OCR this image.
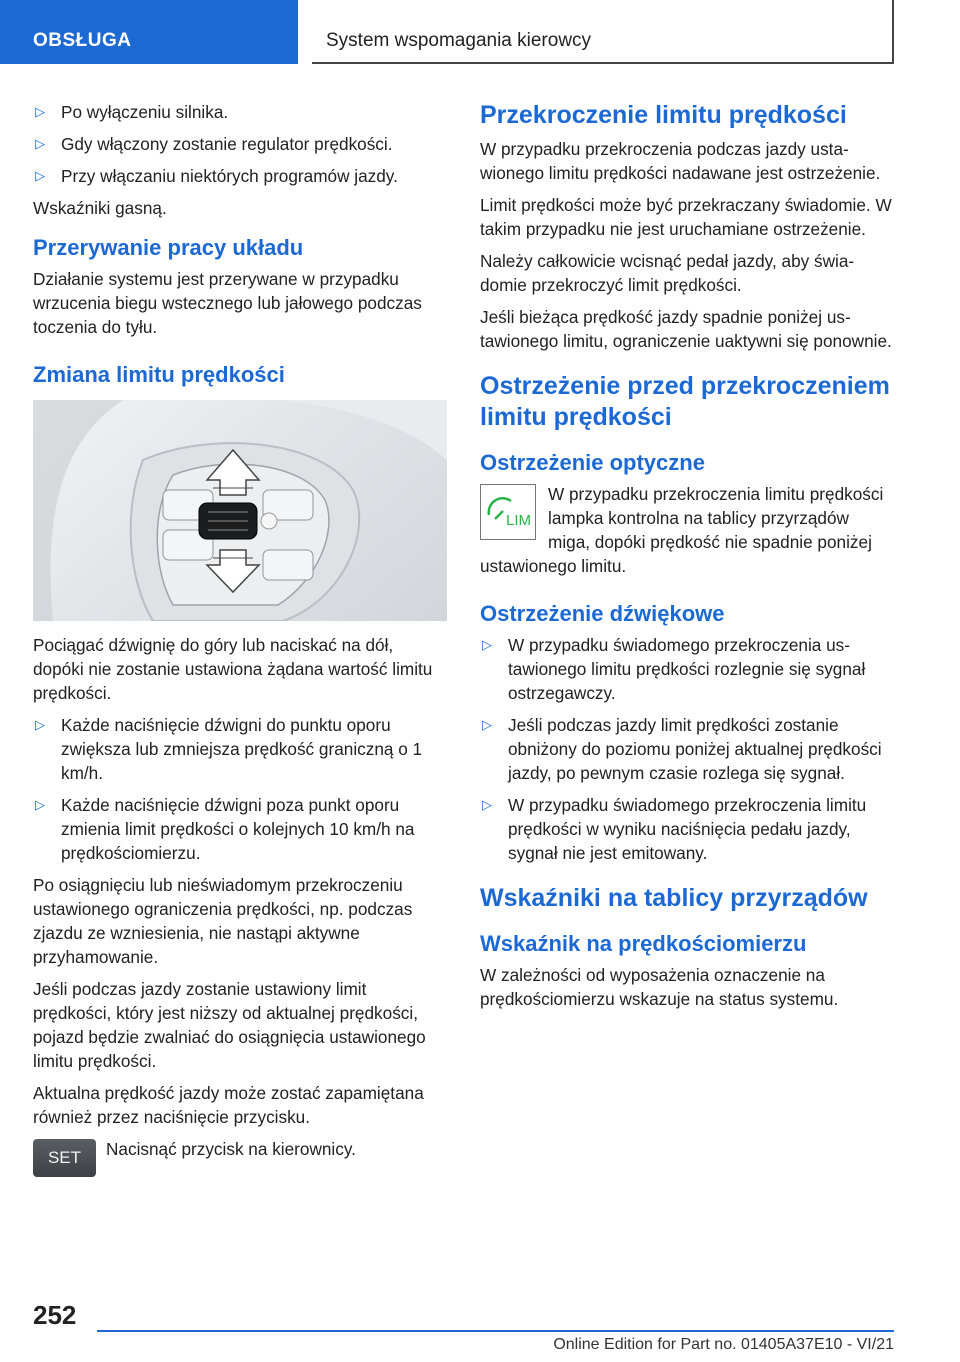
OBSŁUGA	System wspomagania kierowcy
▷ Po wyłączeniu silnika.
▷ Gdy włączony zostanie regulator prędkości.
▷ Przy włączaniu niektórych programów jazdy.

Wskaźniki gasną.

Przerywanie pracy układu

Działanie systemu jest przerywane w przypadku wrzucenia biegu wstecznego lub jałowego podczas toczenia do tyłu.

Zmiana limitu prędkości

Pociągać dźwignię do góry lub naciskać na dół, dopóki nie zostanie ustawiona żądana wartość limitu prędkości.

▷ Każde naciśnięcie dźwigni do punktu oporu zwiększa lub zmniejsza prędkość graniczną o 1 km/h.
▷ Każde naciśnięcie dźwigni poza punkt oporu zmienia limit prędkości o kolejnych 10 km/h na prędkościomierzu.

Po osiągnięciu lub nieświadomym przekroczeniu ustawionego ograniczenia prędkości, np. podczas zjazdu ze wzniesienia, nie nastąpi aktywne przyhamowanie.

Jeśli podczas jazdy zostanie ustawiony limit prędkości, który jest niższy od aktualnej prędkości, pojazd będzie zwalniać do osiągnięcia ustawionego limitu prędkości.

Aktualna prędkość jazdy może zostać zapamiętana również przez naciśnięcie przycisku.

SET	Nacisnąć przycisk na kierownicy.

Przekroczenie limitu prędkości

W przypadku przekroczenia podczas jazdy ustawionego limitu prędkości nadawane jest ostrzeżenie.

Limit prędkości może być przekraczany świadomie. W takim przypadku nie jest uruchamiane ostrzeżenie.

Należy całkowicie wcisnąć pedał jazdy, aby świadomie przekroczyć limit prędkości.

Jeśli bieżąca prędkość jazdy spadnie poniżej ustawionego limitu, ograniczenie uaktywni się ponownie.

Ostrzeżenie przed przekroczeniem limitu prędkości
Ostrzeżenie optyczne
LIM

W przypadku przekroczenia limitu prędkości lampka kontrolna na tablicy przyrządów miga, dopóki prędkość nie spadnie poniżej ustawionego limitu.

Ostrzeżenie dźwiękowe
▷ W przypadku świadomego przekroczenia ustawionego limitu prędkości rozlegnie się sygnał ostrzegawczy.
▷ Jeśli podczas jazdy limit prędkości zostanie obniżony do poziomu poniżej aktualnej prędkości jazdy, po pewnym czasie rozlega się sygnał.
▷ W przypadku świadomego przekroczenia limitu prędkości w wyniku naciśnięcia pedału jazdy, sygnał nie jest emitowany.
Wskaźniki na tablicy przyrządów
Wskaźnik na prędkościomierzu

W zależności od wyposażenia oznaczenie na prędkościomierzu wskazuje na status systemu.

252
Online Edition for Part no. 01405A37E10 - VI/21
